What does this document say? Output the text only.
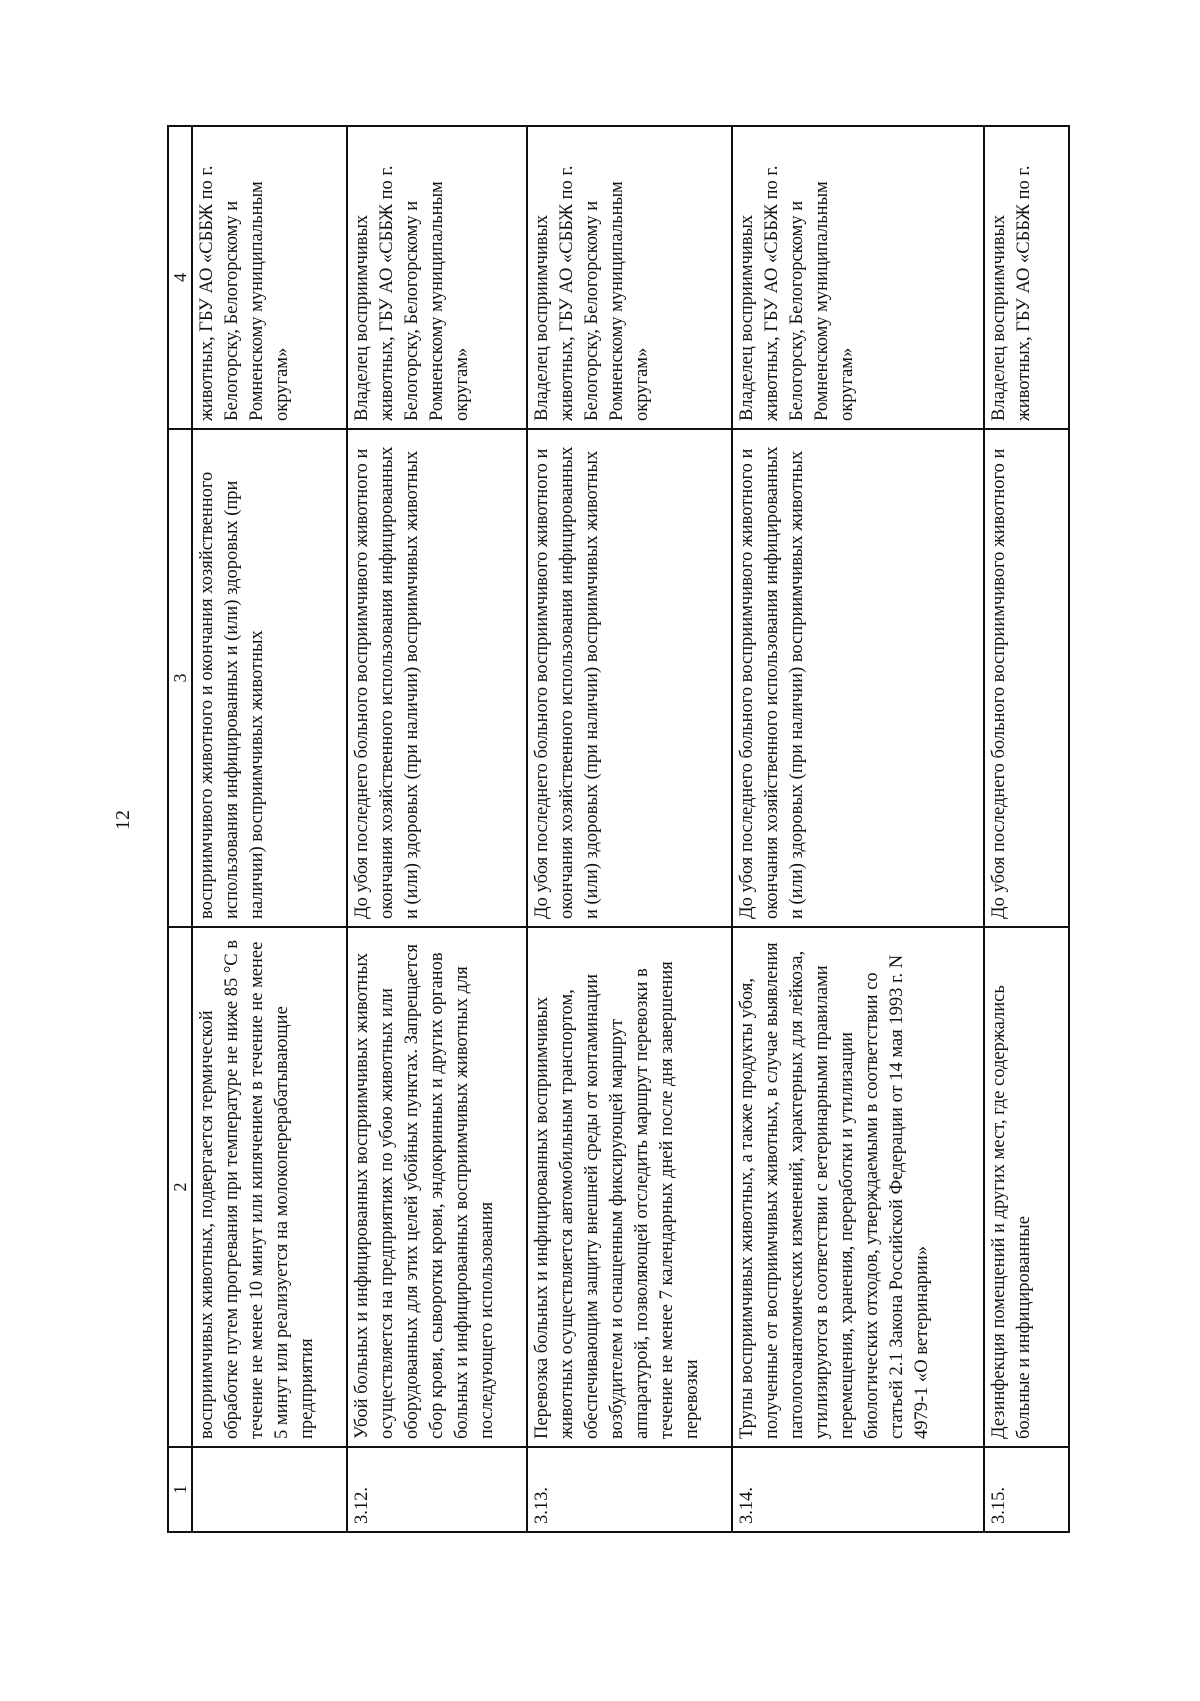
12
1	2	3	4
	восприимчивых животных, подвергается термической обработке путем прогревания при температуре не ниже 85 °С в течение не менее 10 минут или кипячением в течение не менее 5 минут или реализуется на молокоперерабатывающие предприятия	восприимчивого животного и окончания хозяйственного использования инфицированных и (или) здоровых (при наличии) восприимчивых животных	животных, ГБУ АО «СББЖ по г. Белогорску, Белогорскому и Ромненскому муниципальным округам»
3.12.	Убой больных и инфицированных восприимчивых животных осуществляется на предприятиях по убою животных или оборудованных для этих целей убойных пунктах. Запрещается сбор крови, сыворотки крови, эндокринных и других органов больных и инфицированных восприимчивых животных для последующего использования	До убоя последнего больного восприимчивого животного и окончания хозяйственного использования инфицированных и (или) здоровых (при наличии) восприимчивых животных	Владелец восприимчивых животных, ГБУ АО «СББЖ по г. Белогорску, Белогорскому и Ромненскому муниципальным округам»
3.13.	Перевозка больных и инфицированных восприимчивых животных осуществляется автомобильным транспортом, обеспечивающим защиту внешней среды от контаминации возбудителем и оснащенным фиксирующей маршрут аппаратурой, позволяющей отследить маршрут перевозки в течение не менее 7 календарных дней после дня завершения перевозки	До убоя последнего больного восприимчивого животного и окончания хозяйственного использования инфицированных и (или) здоровых (при наличии) восприимчивых животных	Владелец восприимчивых животных, ГБУ АО «СББЖ по г. Белогорску, Белогорскому и Ромненскому муниципальным округам»
3.14.	Трупы восприимчивых животных, а также продукты убоя, полученные от восприимчивых животных, в случае выявления патологоанатомических изменений, характерных для лейкоза, утилизируются в соответствии с ветеринарными правилами перемещения, хранения, переработки и утилизации биологических отходов, утверждаемыми в соответствии со статьей 2.1 Закона Российской Федерации от 14 мая 1993 г. N 4979-1 «О ветеринарии»	До убоя последнего больного восприимчивого животного и окончания хозяйственного использования инфицированных и (или) здоровых (при наличии) восприимчивых животных	Владелец восприимчивых животных, ГБУ АО «СББЖ по г. Белогорску, Белогорскому и Ромненскому муниципальным округам»
3.15.	Дезинфекция помещений и других мест, где содержались больные и инфицированные	До убоя последнего больного восприимчивого животного и	Владелец восприимчивых животных, ГБУ АО «СББЖ по г.
